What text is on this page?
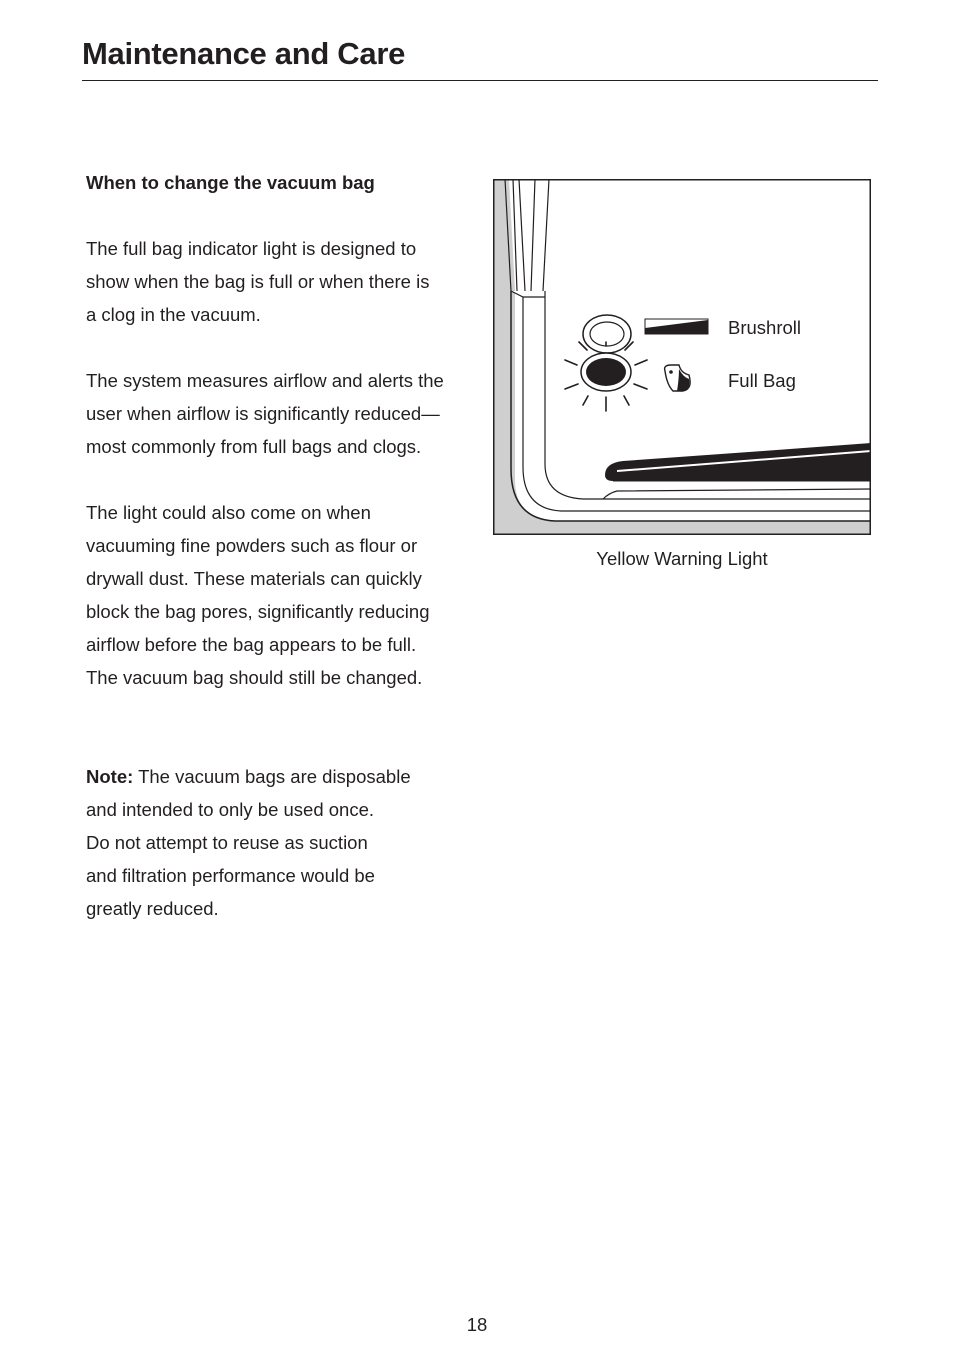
Maintenance and Care
When to change the vacuum bag

The full bag indicator light is designed to
show when the bag is full or when there is
a clog in the vacuum.

The system measures airflow and alerts the
user when airflow is significantly reduced—
most commonly from full bags and clogs.

The light could also come on when
vacuuming fine powders such as flour or
drywall dust. These materials can quickly
block the bag pores, significantly reducing
airflow before the bag appears to be full.
The vacuum bag should still be changed.

Note: The vacuum bags are disposable
and intended to only be used once.
Do not attempt to reuse as suction
and filtration performance would be
greatly reduced.

Brushroll
Full Bag
Yellow Warning Light
18
